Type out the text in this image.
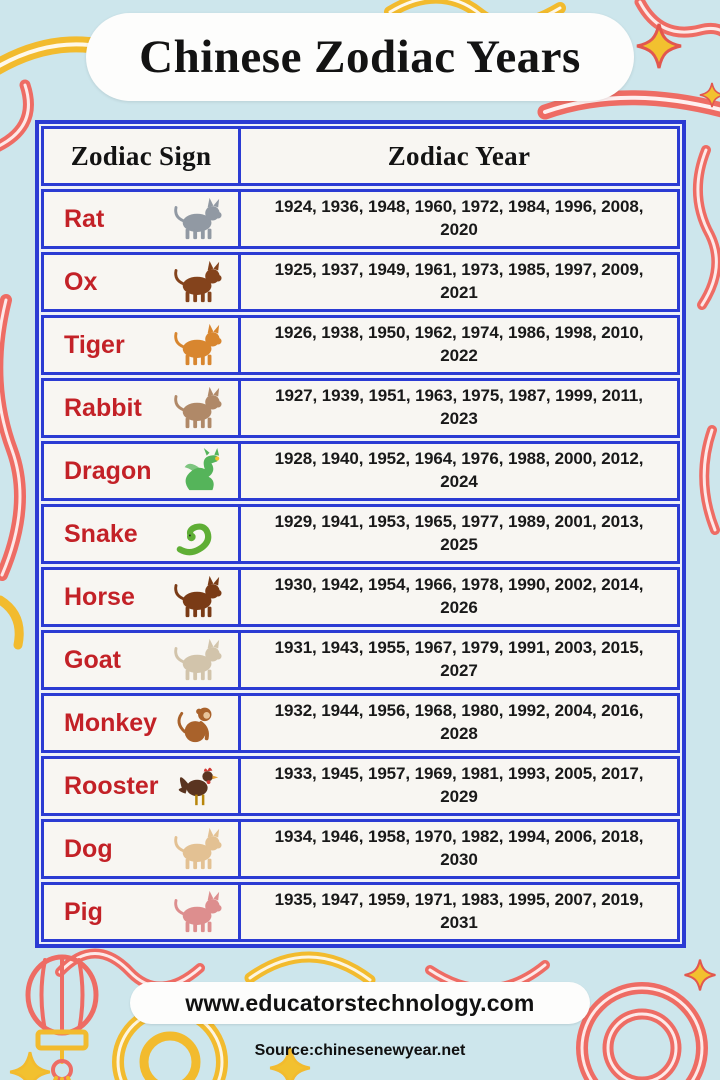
Chinese Zodiac Years
Zodiac Sign	Zodiac Year
Rat	1924, 1936, 1948, 1960, 1972, 1984, 1996, 2008, 2020
Ox	1925, 1937, 1949, 1961, 1973, 1985, 1997, 2009, 2021
Tiger	1926, 1938, 1950, 1962, 1974, 1986, 1998, 2010, 2022
Rabbit	1927, 1939, 1951, 1963, 1975, 1987, 1999, 2011, 2023
Dragon	1928, 1940, 1952, 1964, 1976, 1988, 2000, 2012, 2024
Snake	1929, 1941, 1953, 1965, 1977, 1989, 2001, 2013, 2025
Horse	1930, 1942, 1954, 1966, 1978, 1990, 2002, 2014, 2026
Goat	1931, 1943, 1955, 1967, 1979, 1991, 2003, 2015, 2027
Monkey	1932, 1944, 1956, 1968, 1980, 1992, 2004, 2016, 2028
Rooster	1933, 1945, 1957, 1969, 1981, 1993, 2005, 2017, 2029
Dog	1934, 1946, 1958, 1970, 1982, 1994, 2006, 2018, 2030
Pig	1935, 1947, 1959, 1971, 1983, 1995, 2007, 2019, 2031
www.educatorstechnology.com
Source:chinesenewyear.net
